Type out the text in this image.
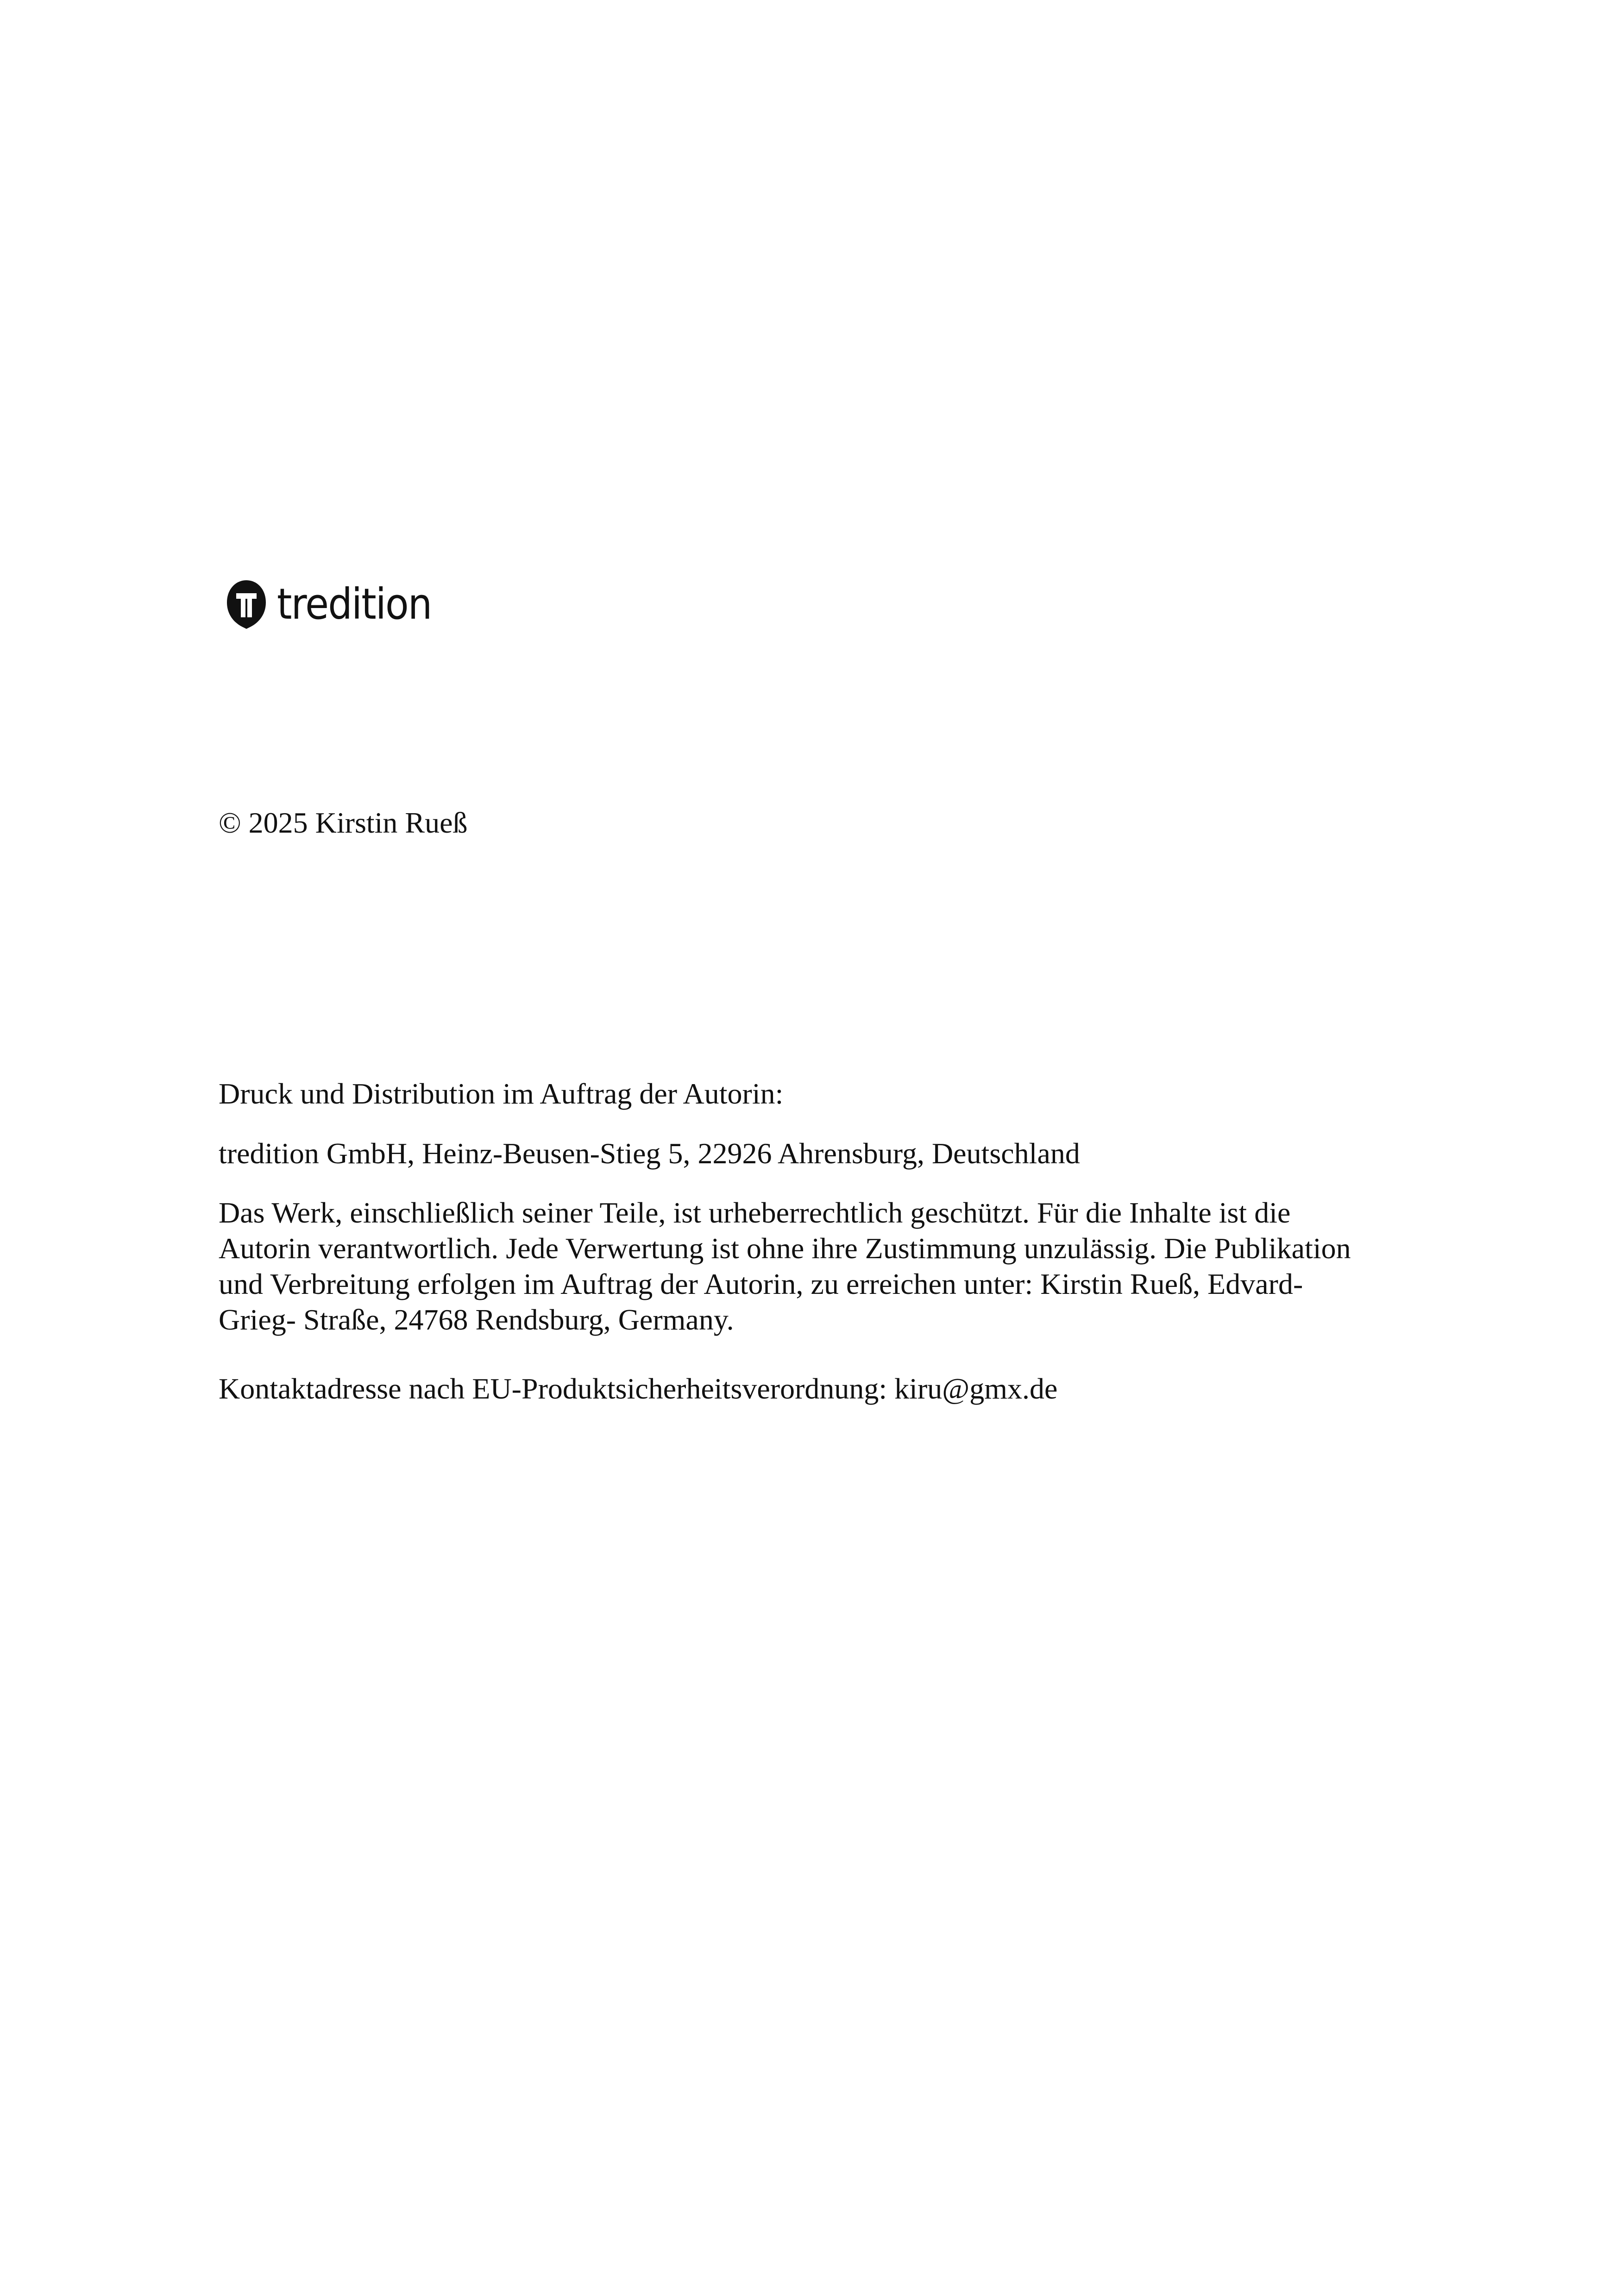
tredition

© 2025 Kirstin Rueß

Druck und Distribution im Auftrag der Autorin:

tredition GmbH, Heinz-Beusen-Stieg 5, 22926 Ahrensburg, Deutschland

Das Werk, einschließlich seiner Teile, ist urheberrechtlich geschützt. Für die Inhalte ist die
Autorin verantwortlich. Jede Verwertung ist ohne ihre Zustimmung unzulässig. Die Publikation
und Verbreitung erfolgen im Auftrag der Autorin, zu erreichen unter: Kirstin Rueß, Edvard-
Grieg- Straße, 24768 Rendsburg, Germany.

Kontaktadresse nach EU-Produktsicherheitsverordnung: kiru@gmx.de
